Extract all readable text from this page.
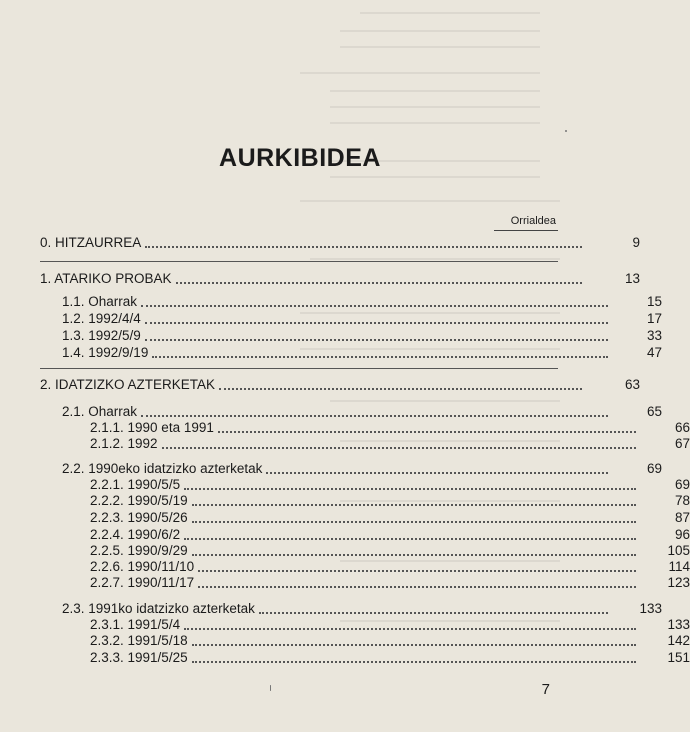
AURKIBIDEA
Orrialdea
0. HITZAURREA	9
1. ATARIKO PROBAK	13
1.1. Oharrak	15
1.2. 1992/4/4	17
1.3. 1992/5/9	33
1.4. 1992/9/19	47
2. IDATZIZKO AZTERKETAK	63
2.1. Oharrak	65
2.1.1. 1990 eta 1991	66
2.1.2. 1992	67
2.2. 1990eko idatzizko azterketak	69
2.2.1. 1990/5/5	69
2.2.2. 1990/5/19	78
2.2.3. 1990/5/26	87
2.2.4. 1990/6/2	96
2.2.5. 1990/9/29	105
2.2.6. 1990/11/10	114
2.2.7. 1990/11/17	123
2.3. 1991ko idatzizko azterketak	133
2.3.1. 1991/5/4	133
2.3.2. 1991/5/18	142
2.3.3. 1991/5/25	151
7
